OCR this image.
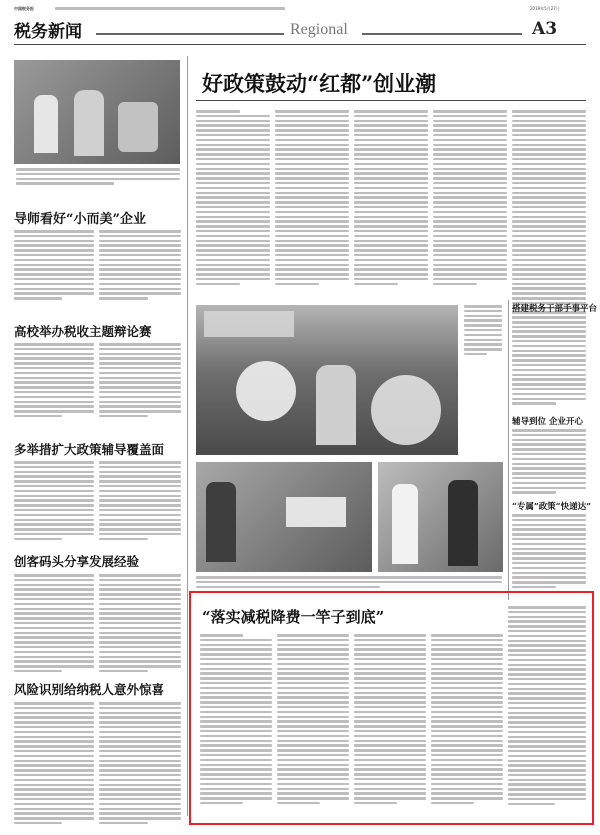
中国税务报	2019年5月27日
税务新闻	Regional	A3
导师看好“小而美”企业
高校举办税收主题辩论赛
多举措扩大政策辅导覆盖面
创客码头分享发展经验
风险识别给纳税人意外惊喜
好政策鼓动“红都”创业潮
搭建税务干部手事平台
辅导到位 企业开心
“专属”政策“快递达”
“落实减税降费一竿子到底”
